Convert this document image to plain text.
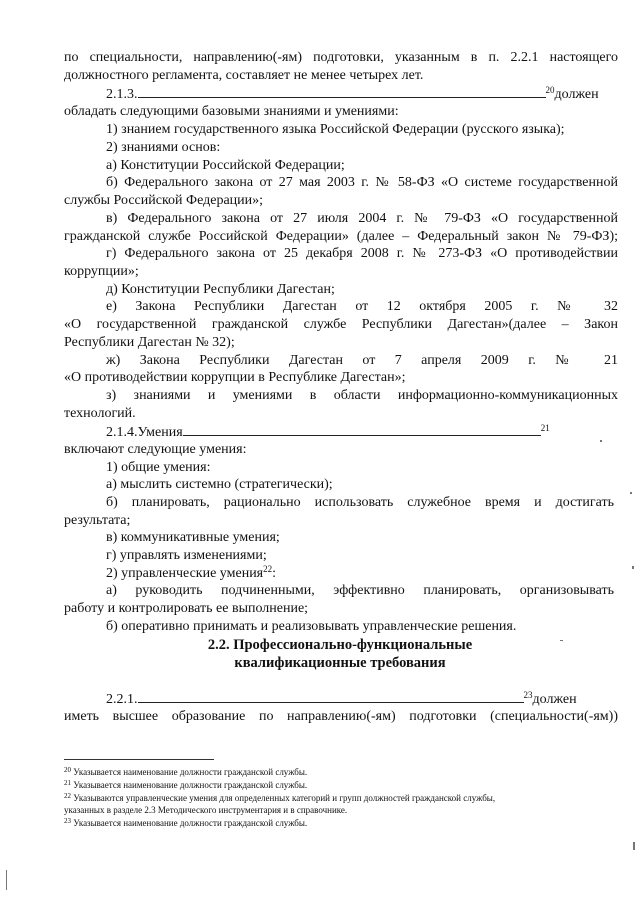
по специальности, направлению(-ям) подготовки, указанным в п. 2.2.1 настоящего
должностного регламента, составляет не менее четырех лет.
2.1.3.	$^{20}$должен
обладать следующими базовыми знаниями и умениями:
1) знанием государственного языка Российской Федерации (русского языка);
2) знаниями основ:
а) Конституции Российской Федерации;
б) Федерального закона от 27 мая 2003 г. № 58-ФЗ «О системе государственной
службы Российской Федерации»;
в) Федерального закона от 27 июля 2004 г. № 79-ФЗ «О государственной
гражданской службе Российской Федерации» (далее – Федеральный закон № 79-ФЗ);
г) Федерального закона от 25 декабря 2008 г. № 273-ФЗ «О противодействии
коррупции»;
д) Конституции Республики Дагестан;
е) Закона Республики Дагестан от 12 октября 2005 г. № 32
«О государственной гражданской службе Республики Дагестан»(далее – Закон
Республики Дагестан № 32);
ж) Закона Республики Дагестан от 7 апреля 2009 г. № 21
«О противодействии коррупции в Республике Дагестан»;
з) знаниями и умениями в области информационно-коммуникационных
технологий.
2.1.4.Умения	$^{21}$
включают следующие умения:
1) общие умения:
а) мыслить системно (стратегически);
б) планировать, рационально использовать служебное время и достигать
результата;
в) коммуникативные умения;
г) управлять изменениями;
2) управленческие умения$^{22}$:
а) руководить подчиненными, эффективно планировать, организовывать
работу и контролировать ее выполнение;
б) оперативно принимать и реализовывать управленческие решения.
2.2. Профессионально-функциональные
квалификационные требования
2.2.1.	$^{23}$должен
иметь высшее образование по направлению(-ям) подготовки (специальности(-ям))
$^{20}$ Указывается наименование должности гражданской службы.
$^{21}$ Указывается наименование должности гражданской службы.
$^{22}$ Указываются управленческие умения для определенных категорий и групп должностей гражданской службы,
указанных в разделе 2.3 Методического инструментария и в справочнике.
$^{23}$ Указывается наименование должности гражданской службы.
